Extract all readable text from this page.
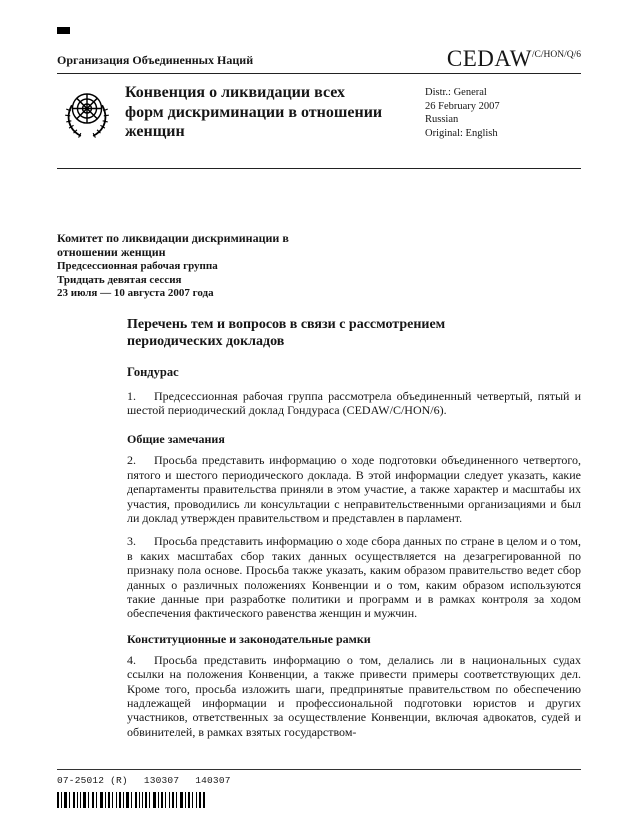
Организация Объединенных Наций	CEDAW /C/HON/Q/6
Конвенция о ликвидации всех форм дискриминации в отношении женщин
Distr.: General
26 February 2007
Russian
Original: English
Комитет по ликвидации дискриминации в отношении женщин
Предсессионная рабочая группа
Тридцать девятая сессия
23 июля — 10 августа 2007 года
Перечень тем и вопросов в связи с рассмотрением периодических докладов
Гондурас

1. Предсессионная рабочая группа рассмотрела объединенный четвертый, пятый и шестой периодический доклад Гондураса (CEDAW/C/HON/6).

Общие замечания

2. Просьба представить информацию о ходе подготовки объединенного четвертого, пятого и шестого периодического доклада. В этой информации следует указать, какие департаменты правительства приняли в этом участие, а также характер и масштабы их участия, проводились ли консультации с неправительственными организациями и был ли доклад утвержден правительством и представлен в парламент.

3. Просьба представить информацию о ходе сбора данных по стране в целом и о том, в каких масштабах сбор таких данных осуществляется на дезагрегированной по признаку пола основе. Просьба также указать, каким образом правительство ведет сбор данных о различных положениях Конвенции и о том, каким образом используются такие данные при разработке политики и программ и в рамках контроля за ходом обеспечения фактического равенства женщин и мужчин.

Конституционные и законодательные рамки

4. Просьба представить информацию о том, делались ли в национальных судах ссылки на положения Конвенции, а также привести примеры соответствующих дел. Кроме того, просьба изложить шаги, предпринятые правительством по обеспечению надлежащей информации и профессиональной подготовки юристов и других участников, ответственных за осуществление Конвенции, включая адвокатов, судей и обвинителей, в рамках взятых государством-

07-25012 (R) 130307 140307
